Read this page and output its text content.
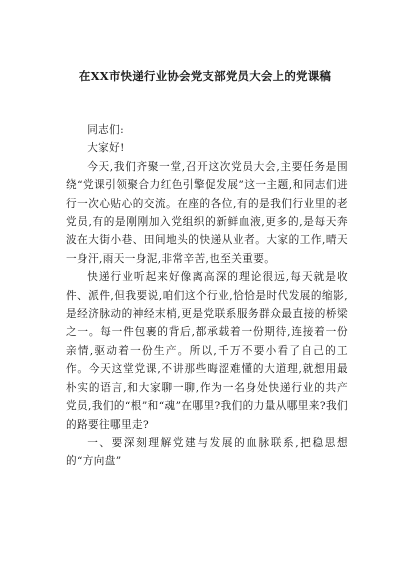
在XX市快递行业协会党支部党员大会上的党课稿

同志们:

大家好!

今天,我们齐聚一堂,召开这次党员大会,主要任务是围绕“党课引领聚合力红色引擎促发展”这一主题,和同志们进行一次心贴心的交流。在座的各位,有的是我们行业里的老党员,有的是刚刚加入党组织的新鲜血液,更多的,是每天奔波在大街小巷、田间地头的快递从业者。大家的工作,晴天一身汗,雨天一身泥,非常辛苦,也至关重要。

快递行业听起来好像离高深的理论很远,每天就是收件、派件,但我要说,咱们这个行业,恰恰是时代发展的缩影,是经济脉动的神经末梢,更是党联系服务群众最直接的桥梁之一。每一件包裹的背后,都承载着一份期待,连接着一份亲情,驱动着一份生产。所以,千万不要小看了自己的工作。今天这堂党课,不讲那些晦涩难懂的大道理,就想用最朴实的语言,和大家聊一聊,作为一名身处快递行业的共产党员,我们的“根”和“魂”在哪里?我们的力量从哪里来?我们的路要往哪里走?

一、要深刻理解党建与发展的血脉联系,把稳思想的“方向盘”
